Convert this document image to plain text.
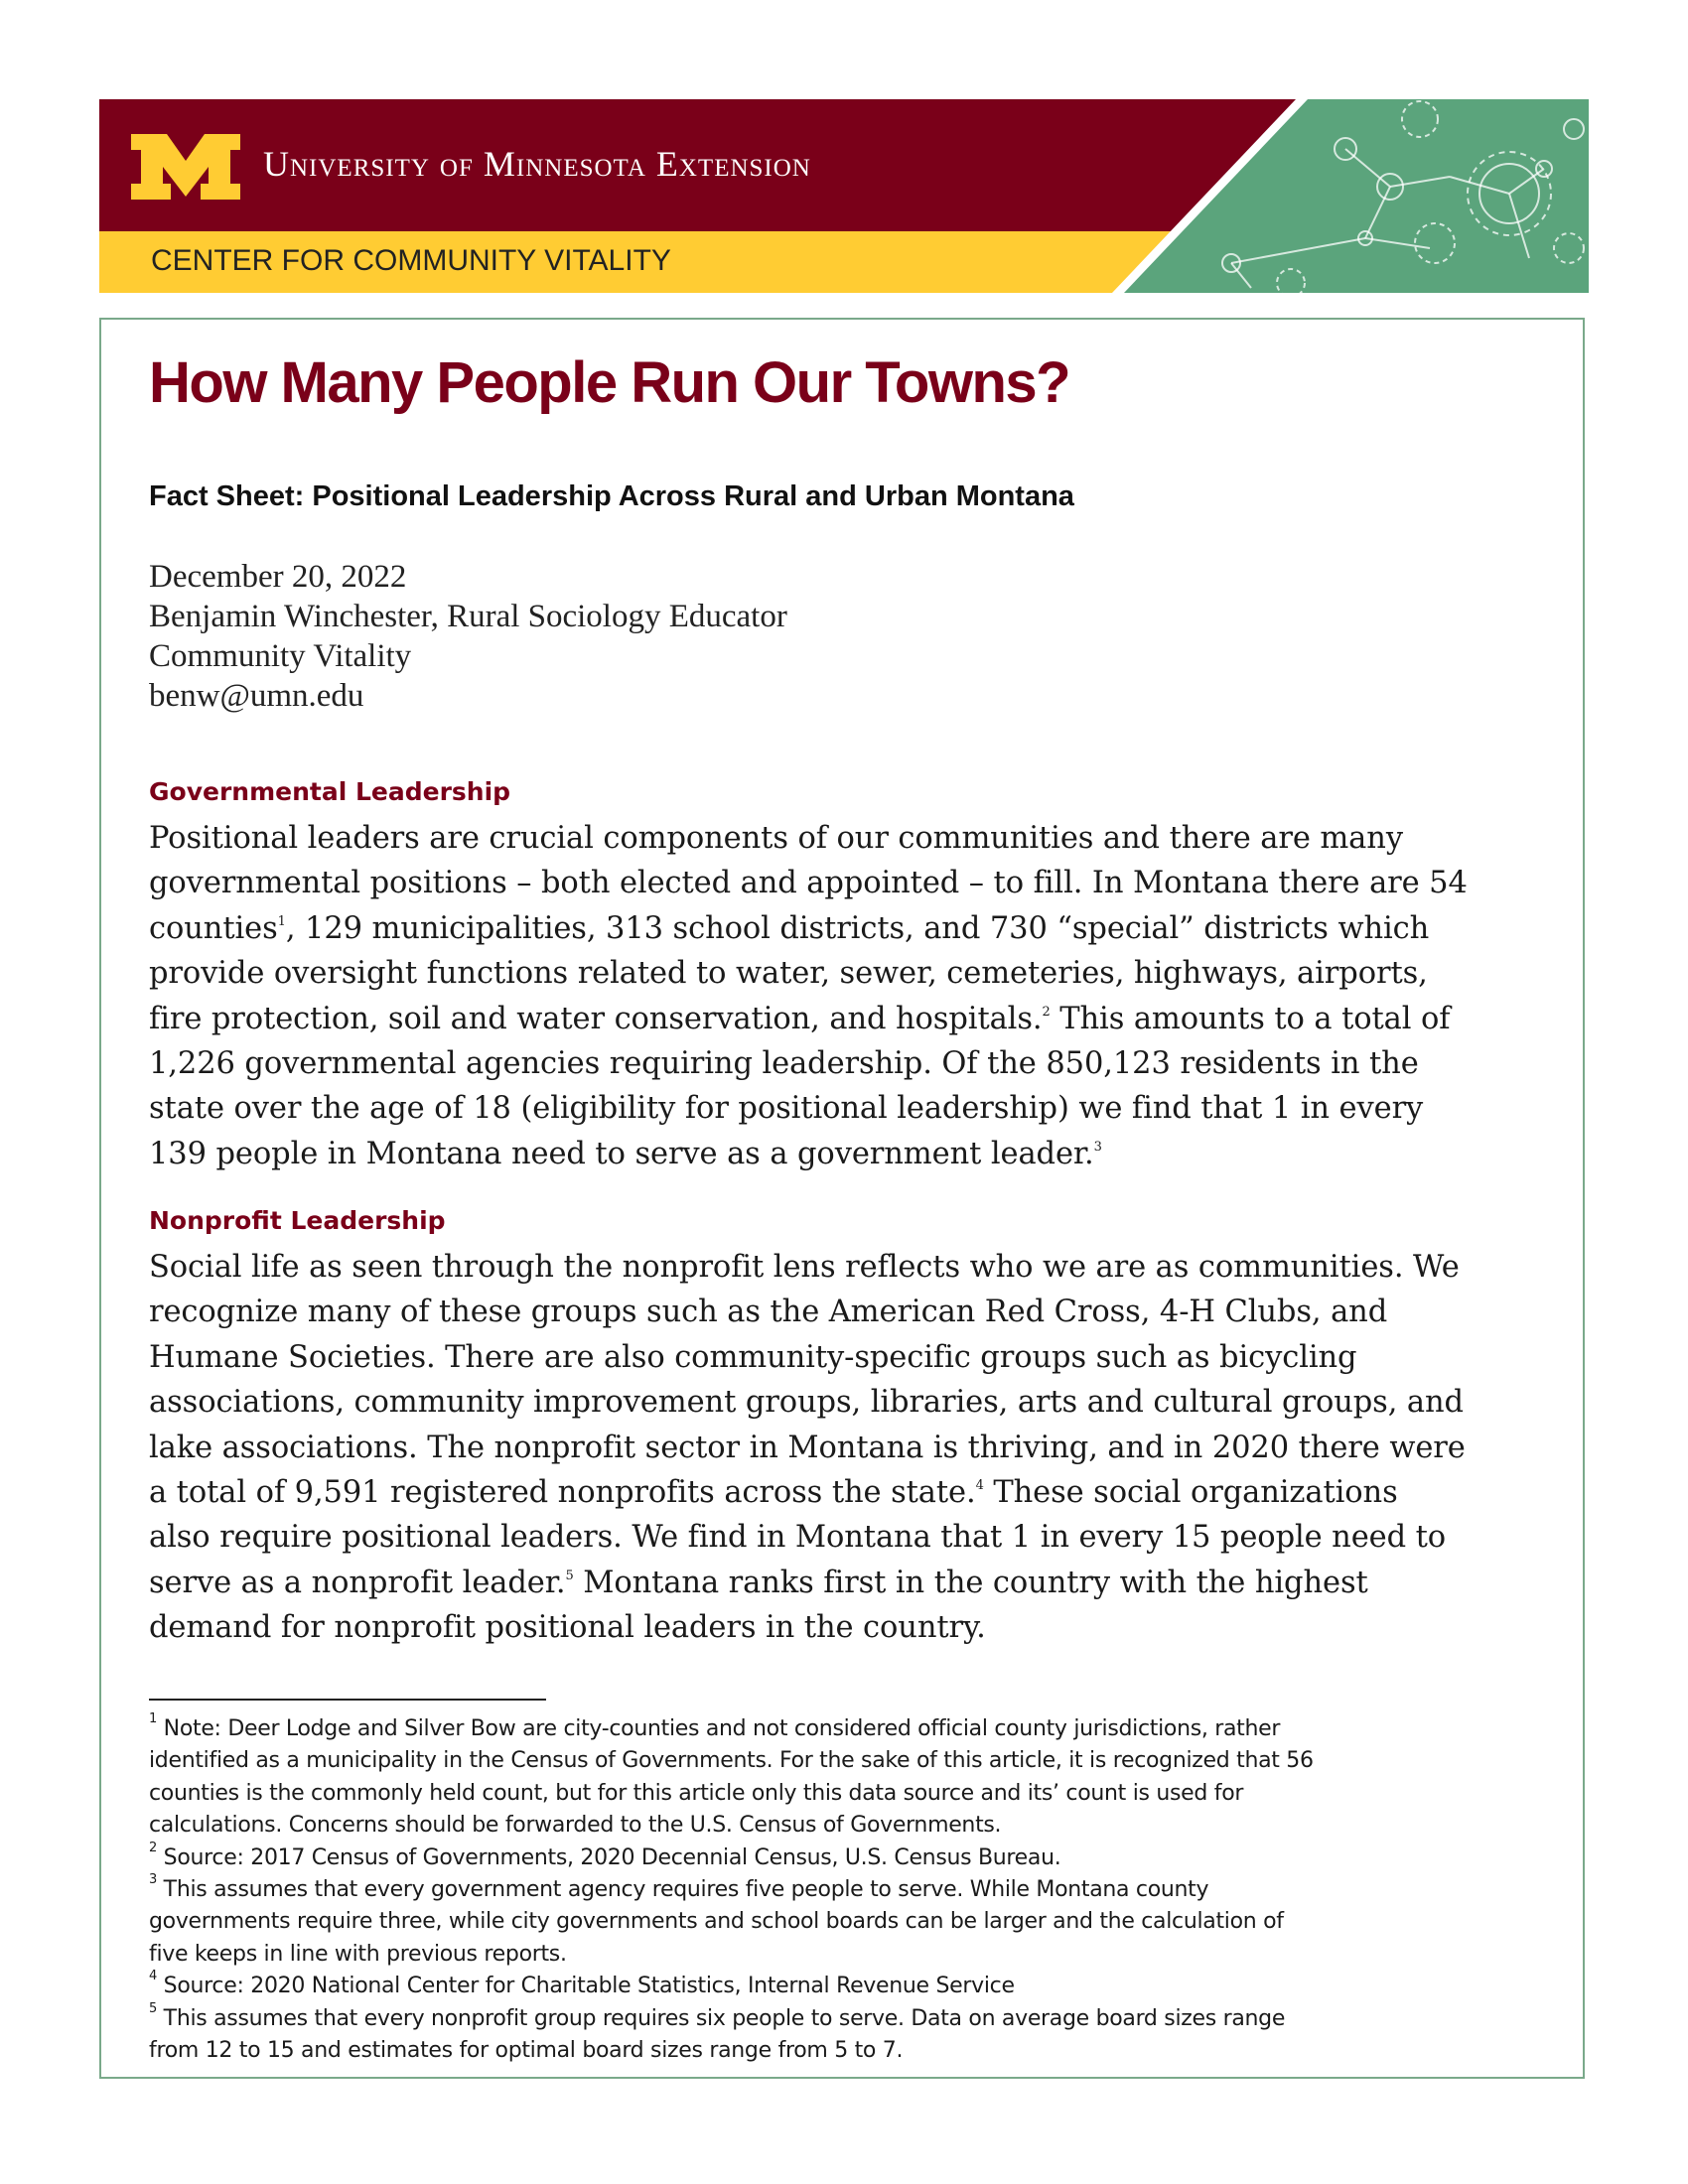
University of Minnesota Extension
CENTER FOR COMMUNITY VITALITY
How Many People Run Our Towns?
Fact Sheet: Positional Leadership Across Rural and Urban Montana
December 20, 2022
Benjamin Winchester, Rural Sociology Educator
Community Vitality
benw@umn.edu
Governmental Leadership
Positional leaders are crucial components of our communities and there are many
governmental positions – both elected and appointed – to fill. In Montana there are 54
counties$^1$, 129 municipalities, 313 school districts, and 730 “special” districts which
provide oversight functions related to water, sewer, cemeteries, highways, airports,
fire protection, soil and water conservation, and hospitals.$^2$ This amounts to a total of
1,226 governmental agencies requiring leadership. Of the 850,123 residents in the
state over the age of 18 (eligibility for positional leadership) we find that 1 in every
139 people in Montana need to serve as a government leader.$^3$
Nonprofit Leadership
Social life as seen through the nonprofit lens reflects who we are as communities. We
recognize many of these groups such as the American Red Cross, 4-H Clubs, and
Humane Societies. There are also community-specific groups such as bicycling
associations, community improvement groups, libraries, arts and cultural groups, and
lake associations. The nonprofit sector in Montana is thriving, and in 2020 there were
a total of 9,591 registered nonprofits across the state.$^4$ These social organizations
also require positional leaders. We find in Montana that 1 in every 15 people need to
serve as a nonprofit leader.$^5$ Montana ranks first in the country with the highest
demand for nonprofit positional leaders in the country.
$^1$ Note: Deer Lodge and Silver Bow are city-counties and not considered official county jurisdictions, rather
identified as a municipality in the Census of Governments. For the sake of this article, it is recognized that 56
counties is the commonly held count, but for this article only this data source and its’ count is used for
calculations. Concerns should be forwarded to the U.S. Census of Governments.
$^2$ Source: 2017 Census of Governments, 2020 Decennial Census, U.S. Census Bureau.
$^3$ This assumes that every government agency requires five people to serve. While Montana county
governments require three, while city governments and school boards can be larger and the calculation of
five keeps in line with previous reports.
$^4$ Source: 2020 National Center for Charitable Statistics, Internal Revenue Service
$^5$ This assumes that every nonprofit group requires six people to serve. Data on average board sizes range
from 12 to 15 and estimates for optimal board sizes range from 5 to 7.
